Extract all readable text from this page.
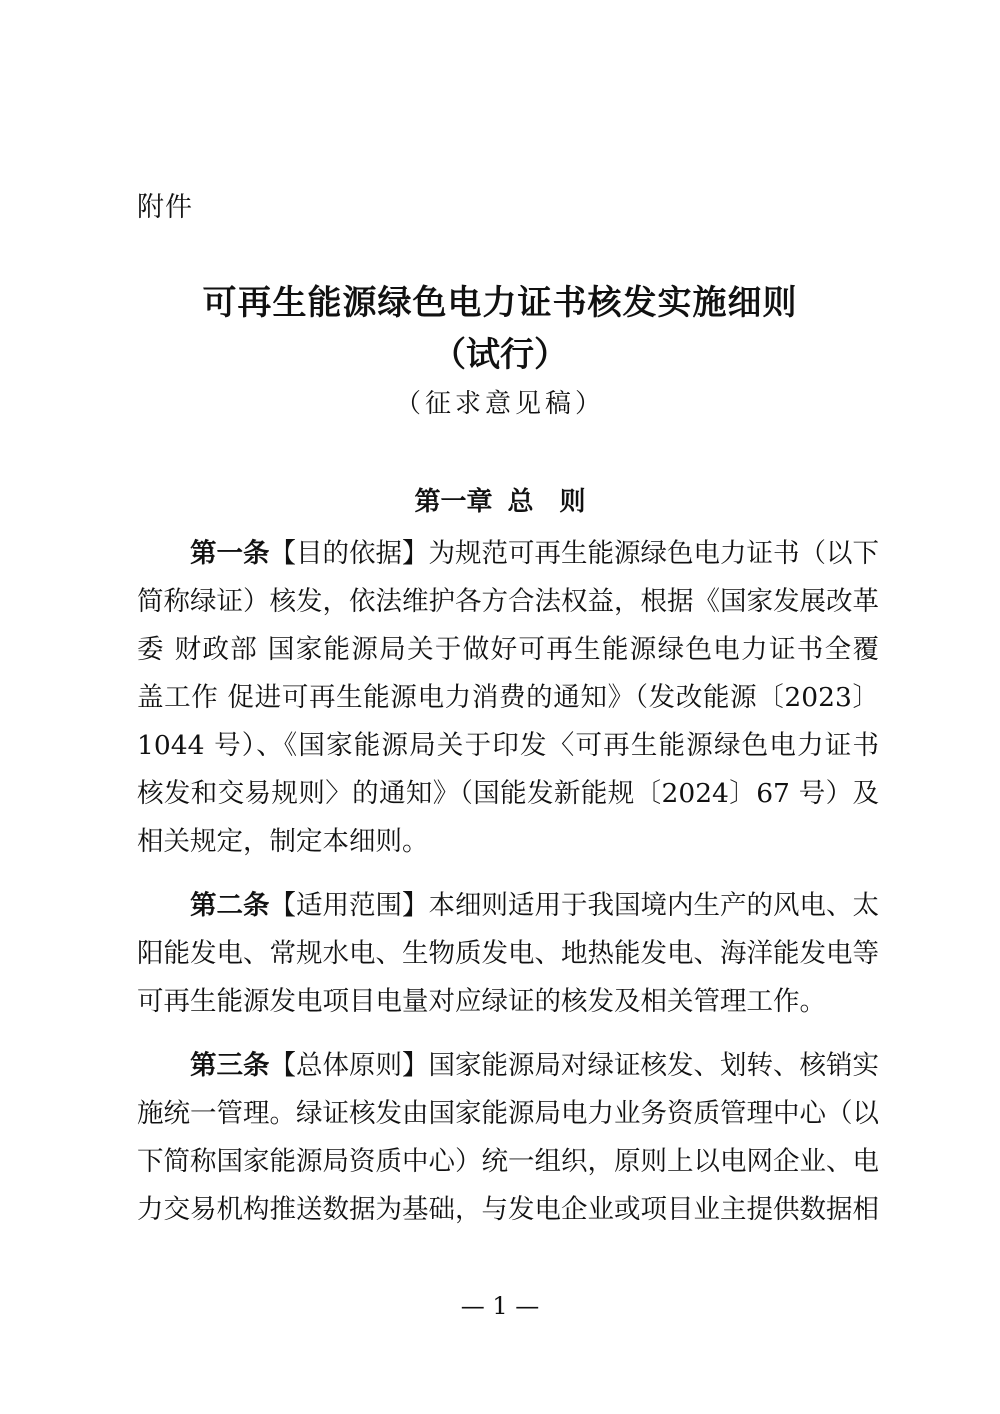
附件
可再生能源绿色电力证书核发实施细则
（试行）
（征求意见稿）
第一章 总　则
第一条【目的依据】为规范可再生能源绿色电力证书（以下
简称绿证）核发，依法维护各方合法权益，根据《国家发展改革
委 财政部 国家能源局关于做好可再生能源绿色电力证书全覆
盖工作 促进可再生能源电力消费的通知》（发改能源〔2023〕
1044 号）、《国家能源局关于印发〈可再生能源绿色电力证书
核发和交易规则〉的通知》（国能发新能规〔2024〕67 号）及
相关规定，制定本细则。
第二条【适用范围】本细则适用于我国境内生产的风电、太
阳能发电、常规水电、生物质发电、地热能发电、海洋能发电等
可再生能源发电项目电量对应绿证的核发及相关管理工作。
第三条【总体原则】国家能源局对绿证核发、划转、核销实
施统一管理。绿证核发由国家能源局电力业务资质管理中心（以
下简称国家能源局资质中心）统一组织，原则上以电网企业、电
力交易机构推送数据为基础，与发电企业或项目业主提供数据相
— 1 —
